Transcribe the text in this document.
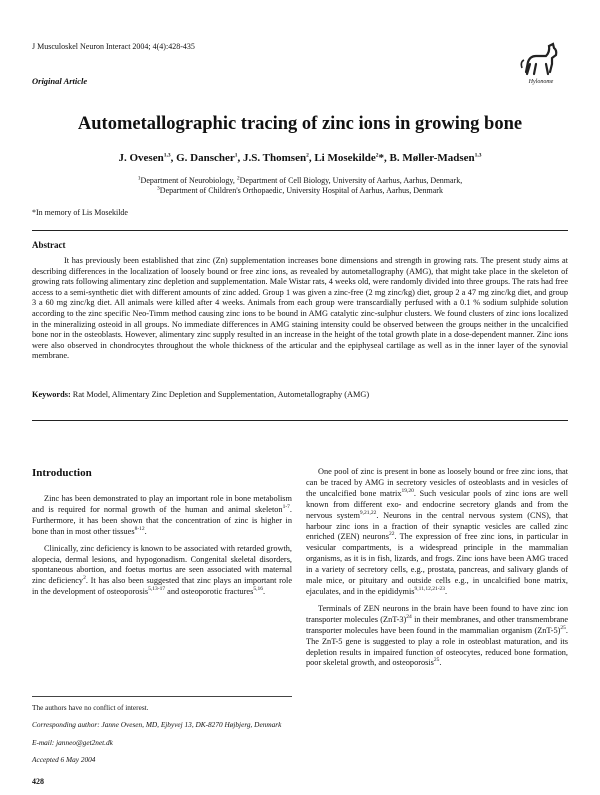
J Musculoskel Neuron Interact 2004; 4(4):428-435
Original Article	Hylonome
Autometallographic tracing of zinc ions in growing bone
J. Ovesen$^{1,3}$, G. Danscher$^1$, J.S. Thomsen$^2$, Li Mosekilde$^2$*, B. Møller-Madsen$^{1,3}$
$^1$Department of Neurobiology, $^2$Department of Cell Biology, University of Aarhus, Aarhus, Denmark,
$^3$Department of Children's Orthopaedic, University Hospital of Aarhus, Aarhus, Denmark
*In memory of Lis Mosekilde
Abstract
It has previously been established that zinc (Zn) supplementation increases bone dimensions and strength in growing rats. The present study aims at describing differences in the localization of loosely bound or free zinc ions, as revealed by autometallography (AMG), that might take place in the skeleton of growing rats following alimentary zinc depletion and supplementation. Male Wistar rats, 4 weeks old, were randomly divided into three groups. The rats had free access to a semi-synthetic diet with different amounts of zinc added. Group 1 was given a zinc-free (2 mg zinc/kg) diet, group 2 a 47 mg zinc/kg diet, and group 3 a 60 mg zinc/kg diet. All animals were killed after 4 weeks. Animals from each group were transcardially perfused with a 0.1 % sodium sulphide solution according to the zinc specific Neo-Timm method causing zinc ions to be bound in AMG catalytic zinc-sulphur clusters. We found clusters of zinc ions localized in the mineralizing osteoid in all groups. No immediate differences in AMG staining intensity could be observed between the groups neither in the uncalcified bone nor in the osteoblasts. However, alimentary zinc supply resulted in an increase in the height of the total growth plate in a dose-dependent manner. Zinc ions were also observed in chondrocytes throughout the whole thickness of the articular and the epiphyseal cartilage as well as in the inner layer of the synovial membrane.
Keywords: Rat Model, Alimentary Zinc Depletion and Supplementation, Autometallography (AMG)
Introduction

Zinc has been demonstrated to play an important role in bone metabolism and is required for normal growth of the human and animal skeleton$^{1-7}$. Furthermore, it has been shown that the concentration of zinc is higher in bone than in most other tissues$^{8-12}$.

Clinically, zinc deficiency is known to be associated with retarded growth, alopecia, dermal lesions, and hypogonadism. Congenital skeletal disorders, spontaneous abortion, and foetus mortus are seen associated with maternal zinc deficiency$^2$. It has also been suggested that zinc plays an important role in the development of osteoporosis$^{5,13-17}$ and osteoporotic fractures$^{5,16}$.

One pool of zinc is present in bone as loosely bound or free zinc ions, that can be traced by AMG in secretory vesicles of osteoblasts and in vesicles of the uncalcified bone matrix$^{19,20}$. Such vesicular pools of zinc ions are well known from different exo- and endocrine secretory glands and from the nervous system$^{9,21,22}$. Neurons in the central nervous system (CNS), that harbour zinc ions in a fraction of their synaptic vesicles are called zinc enriched (ZEN) neurons$^{22}$. The expression of free zinc ions, in particular in vesicular compartments, is a widespread principle in the mammalian organisms, as it is in fish, lizards, and frogs. Zinc ions have been AMG traced in a variety of secretory cells, e.g., prostata, pancreas, and salivary glands of male mice, or pituitary and outside cells e.g., in uncalcified bone matrix, ejaculates, and in the epididymis$^{9,11,12,21-23}$.

Terminals of ZEN neurons in the brain have been found to have zinc ion transporter molecules $(ZnT-3)^{24}$ in their membranes, and other transmembrane transporter molecules have been found in the mammalian organism $(ZnT-5)^{25}$. The ZnT-5 gene is suggested to play a role in osteoblast maturation, and its depletion results in impaired function of osteocytes, reduced bone formation, poor skeletal growth, and osteoporosis$^{25}$.

The authors have no conflict of interest.
Corresponding author: Janne Ovesen, MD, Ejbyvej 13, DK-8270 Højbjerg, Denmark
E-mail: janneo@get2net.dk
Accepted 6 May 2004
428
